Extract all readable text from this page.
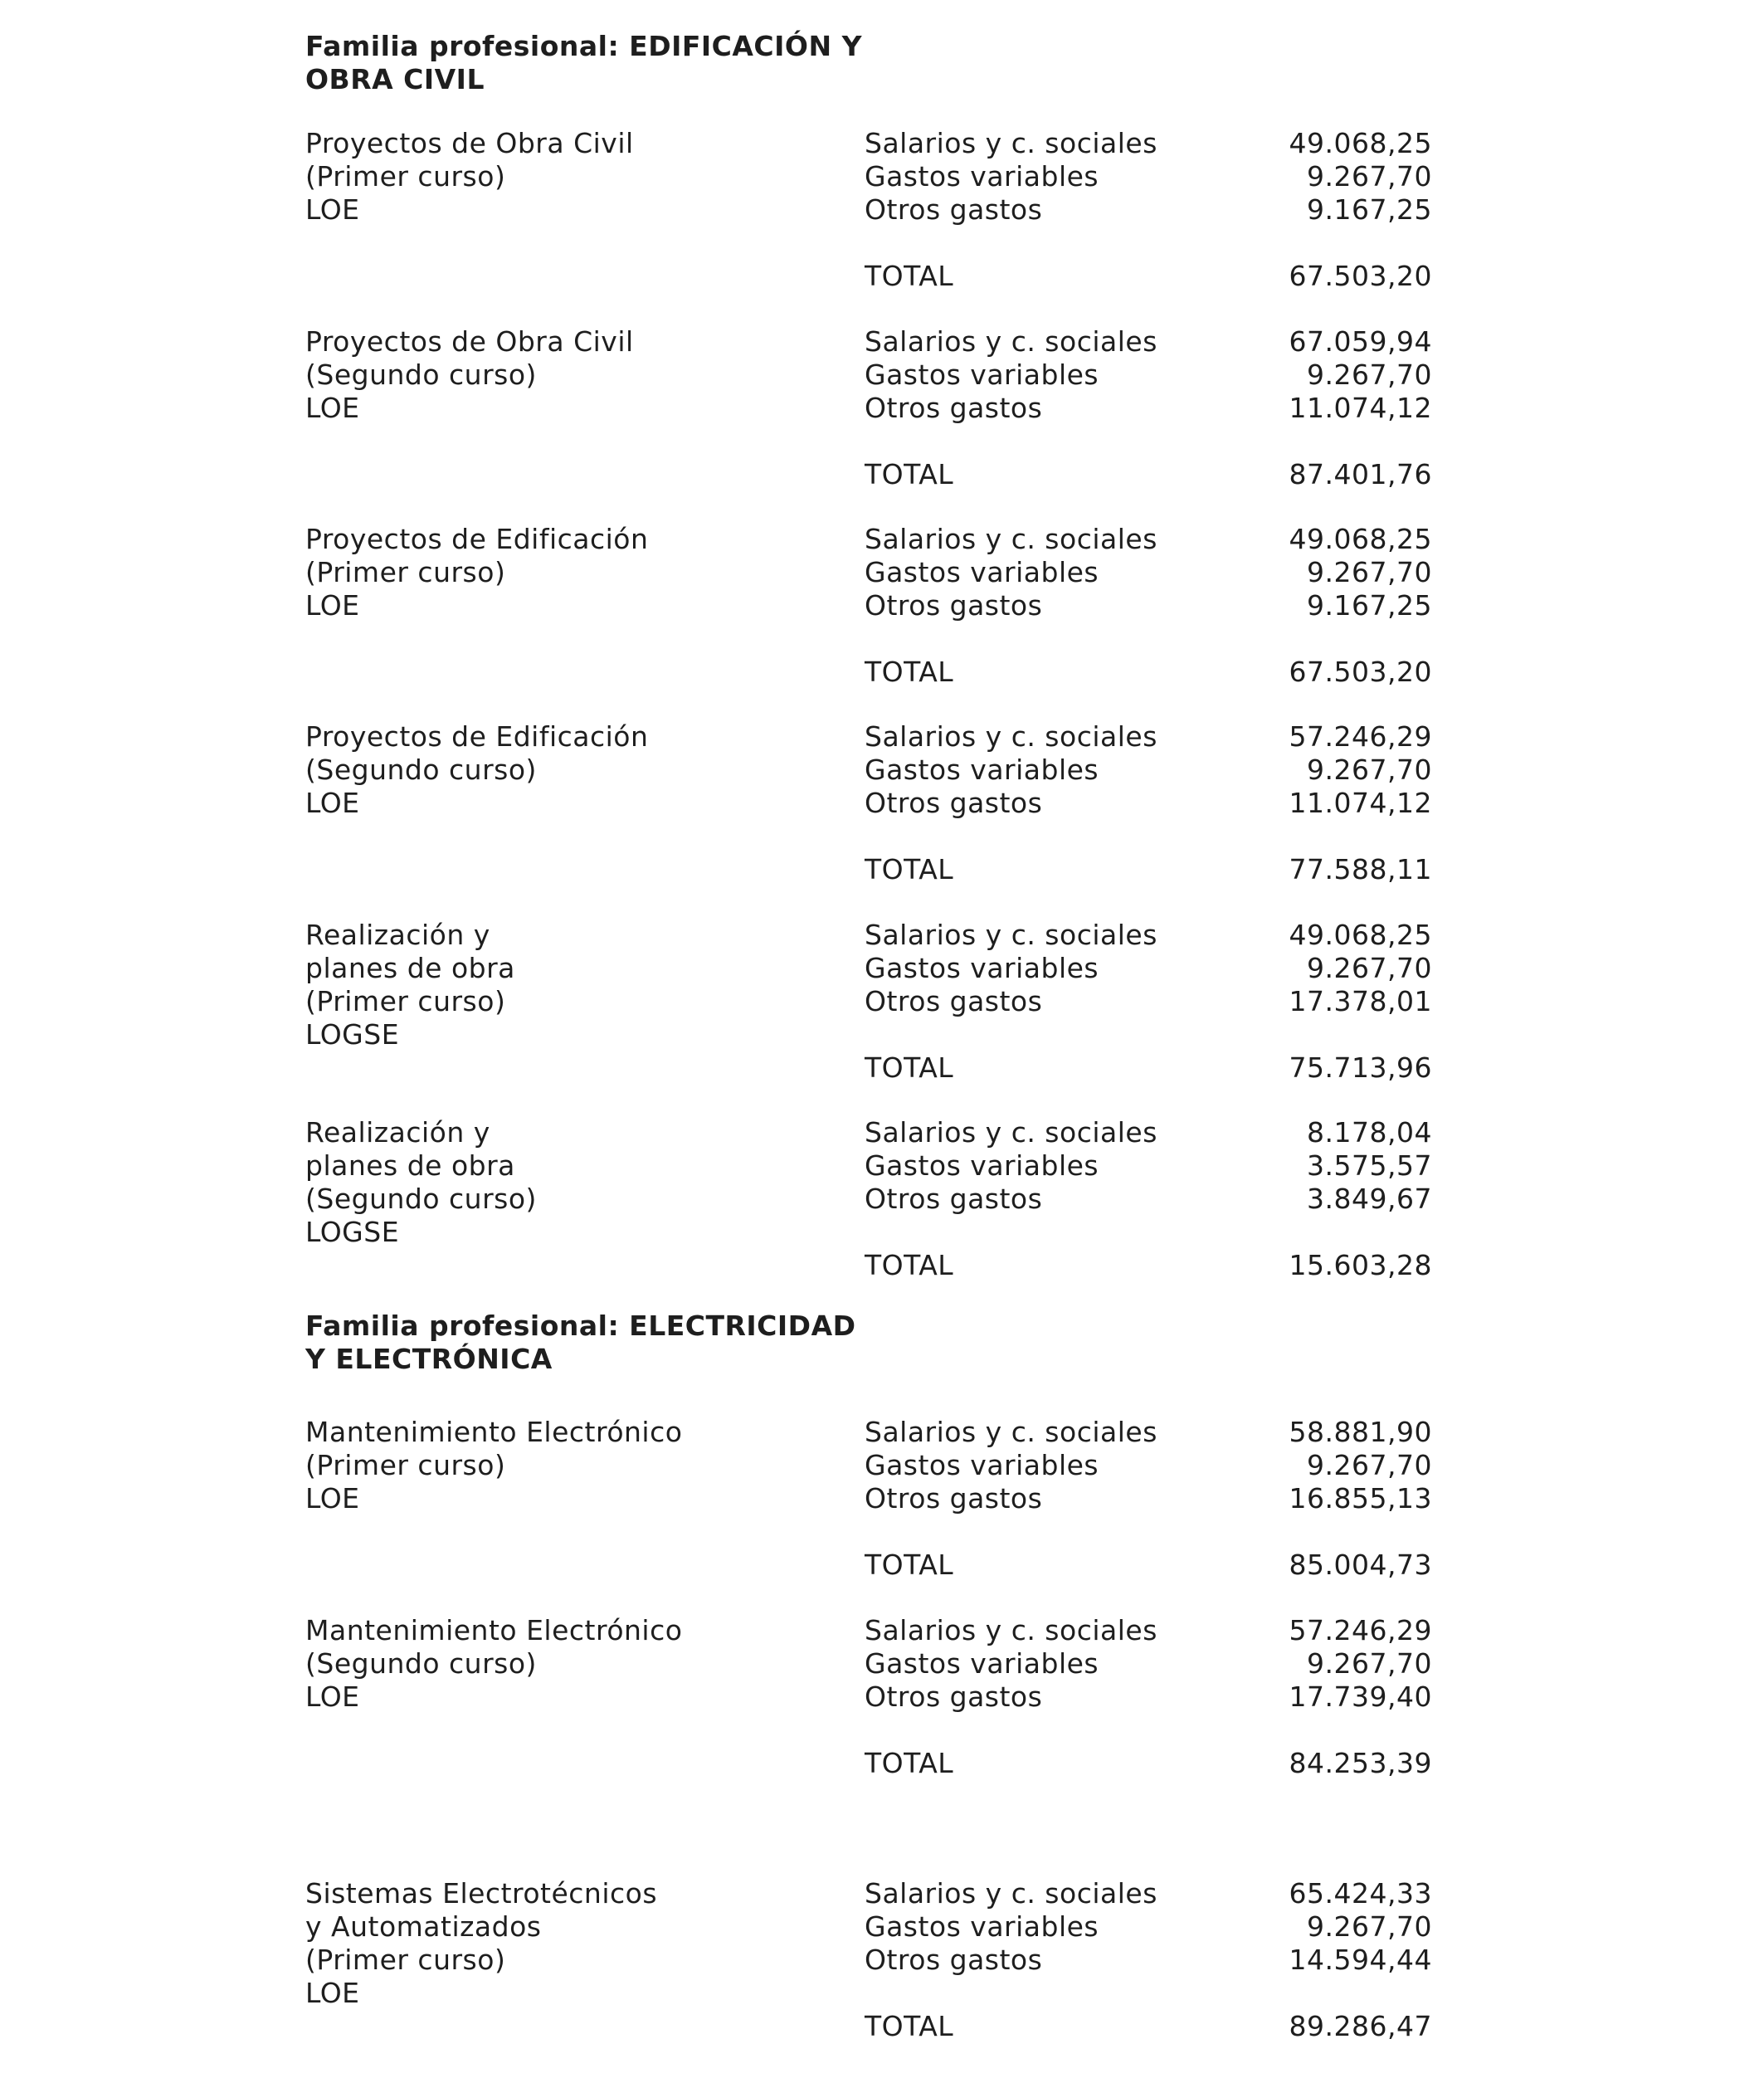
Familia profesional: EDIFICACIÓN Y
OBRA CIVIL
Proyectos de Obra Civil
(Primer curso)
LOE
Salarios y c. sociales	49.068,25
Gastos variables	9.267,70
Otros gastos	9.167,25
TOTAL	67.503,20
Proyectos de Obra Civil
(Segundo curso)
LOE
Salarios y c. sociales	67.059,94
Gastos variables	9.267,70
Otros gastos	11.074,12
TOTAL	87.401,76
Proyectos de Edificación
(Primer curso)
LOE
Salarios y c. sociales	49.068,25
Gastos variables	9.267,70
Otros gastos	9.167,25
TOTAL	67.503,20
Proyectos de Edificación
(Segundo curso)
LOE
Salarios y c. sociales	57.246,29
Gastos variables	9.267,70
Otros gastos	11.074,12
TOTAL	77.588,11
Realización y
planes de obra
(Primer curso)
LOGSE
Salarios y c. sociales	49.068,25
Gastos variables	9.267,70
Otros gastos	17.378,01
TOTAL	75.713,96
Realización y
planes de obra
(Segundo curso)
LOGSE
Salarios y c. sociales	8.178,04
Gastos variables	3.575,57
Otros gastos	3.849,67
TOTAL	15.603,28
Familia profesional: ELECTRICIDAD
Y ELECTRÓNICA
Mantenimiento Electrónico
(Primer curso)
LOE
Salarios y c. sociales	58.881,90
Gastos variables	9.267,70
Otros gastos	16.855,13
TOTAL	85.004,73
Mantenimiento Electrónico
(Segundo curso)
LOE
Salarios y c. sociales	57.246,29
Gastos variables	9.267,70
Otros gastos	17.739,40
TOTAL	84.253,39
Sistemas Electrotécnicos
y Automatizados
(Primer curso)
LOE
Salarios y c. sociales	65.424,33
Gastos variables	9.267,70
Otros gastos	14.594,44
TOTAL	89.286,47
